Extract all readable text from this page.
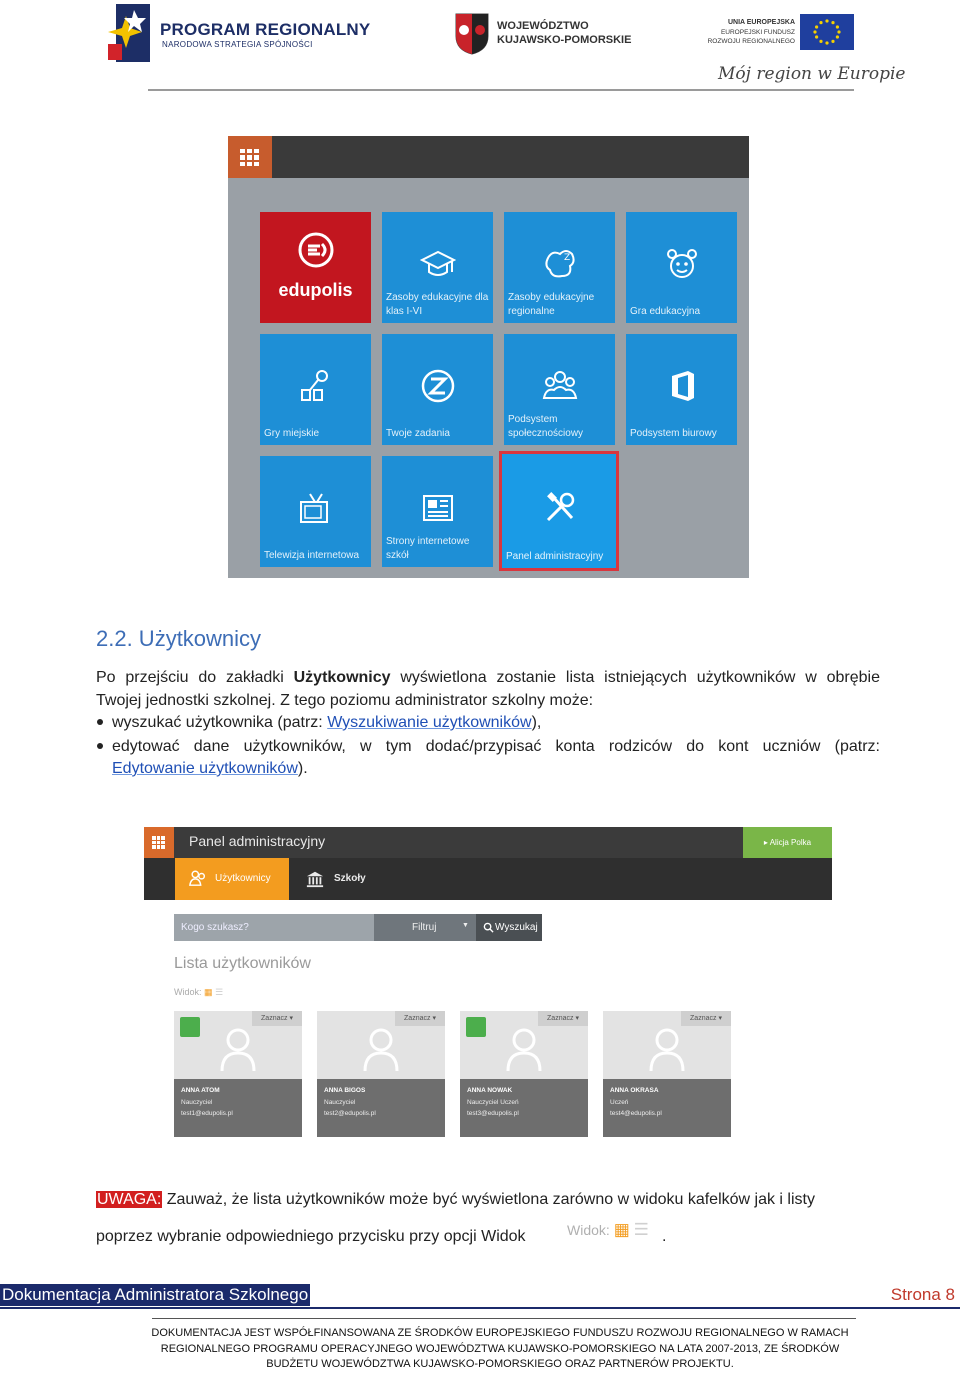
PROGRAM REGIONALNY
NARODOWA STRATEGIA SPÓJNOŚCI
WOJEWÓDZTWO
KUJAWSKO-POMORSKIE
UNIA EUROPEJSKA
EUROPEJSKI FUNDUSZ
ROZWOJU REGIONALNEGO
Mój region w Europie
edupolis	Zasoby edukacyjne dla klas I-VI
Z
Zasoby edukacyjne regionalne	Gra edukacyjna
Gry miejskie	Twoje zadania
Podsystem społecznościowy	Podsystem biurowy
Telewizja internetowa
Strony internetowe szkół	Panel administracyjny
2.2. Użytkownicy
Po przejściu do zakładki Użytkownicy wyświetlona zostanie lista istniejących użytkowników w obrębie
Twojej jednostki szkolnej. Z tego poziomu administrator szkolny może:
wyszukać użytkownika (patrz: Wyszukiwanie użytkowników),
edytować dane użytkowników, w tym dodać/przypisać konta rodziców do kont uczniów (patrz:
Edytowanie użytkowników).
Panel administracyjny	▸ Alicja Polka
Użytkownicy	Szkoły
Kogo szukasz?	Filtruj	▼	Wyszukaj
Lista użytkowników
Widok: ▦ ☰
Zaznacz ▾
ANNA ATOM
Nauczyciel
test1@edupolis.pl
Zaznacz ▾
ANNA BIGOS
Nauczyciel
test2@edupolis.pl
Zaznacz ▾
ANNA NOWAK
Nauczyciel Uczeń
test3@edupolis.pl
Zaznacz ▾
ANNA OKRASA
Uczeń
test4@edupolis.pl
UWAGA: Zauważ, że lista użytkowników może być wyświetlona zarówno w widoku kafelków jak i listy
poprzez wybranie odpowiedniego przycisku przy opcji Widok	Widok: ▦ ☰ .
Dokumentacja Administratora Szkolnego	Strona 8
DOKUMENTACJA JEST WSPÓŁFINANSOWANA ZE ŚRODKÓW EUROPEJSKIEGO FUNDUSZU ROZWOJU REGIONALNEGO W RAMACH
REGIONALNEGO PROGRAMU OPERACYJNEGO WOJEWÓDZTWA KUJAWSKO-POMORSKIEGO NA LATA 2007-2013, ZE ŚRODKÓW
BUDŻETU WOJEWÓDZTWA KUJAWSKO-POMORSKIEGO ORAZ PARTNERÓW PROJEKTU.
